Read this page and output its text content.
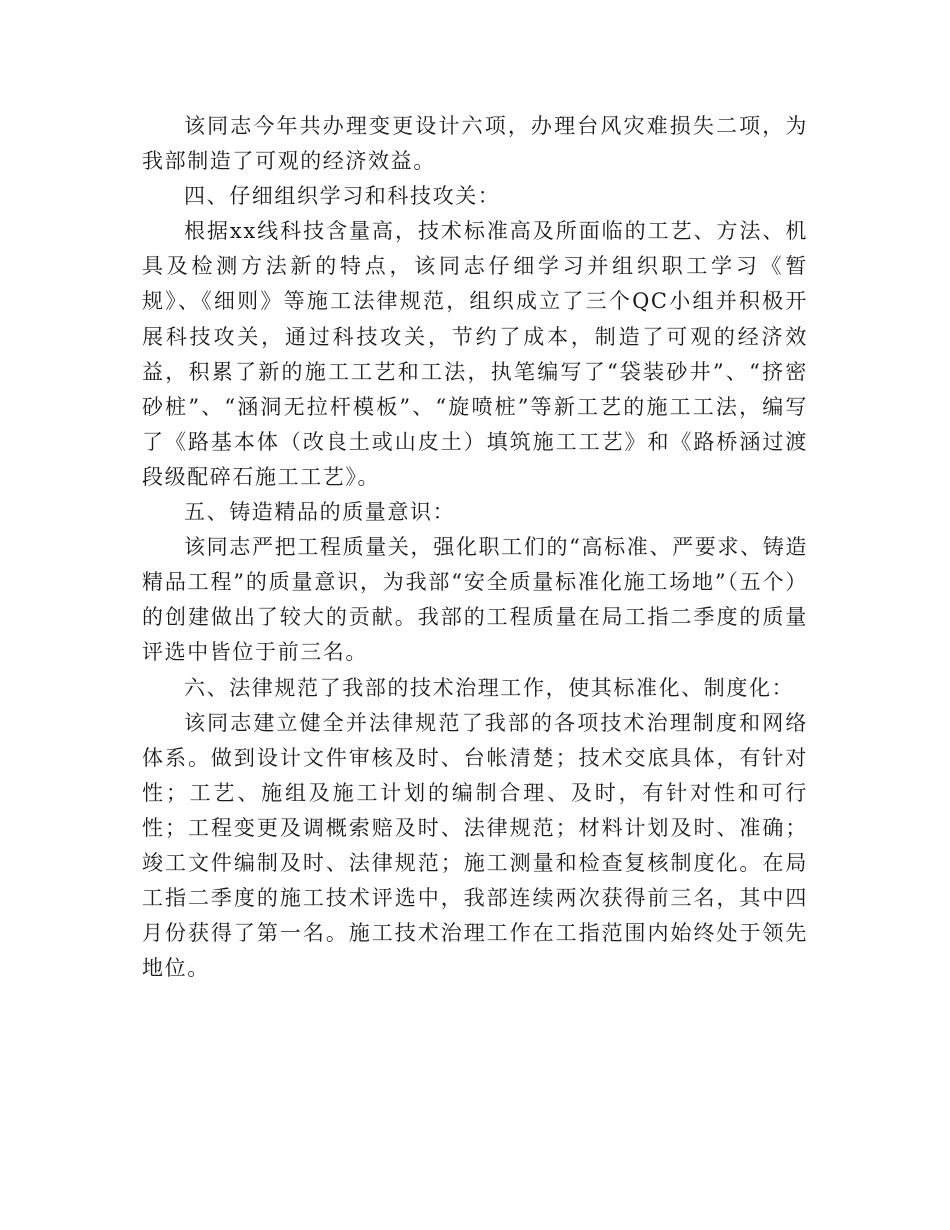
该同志今年共办理变更设计六项，办理台风灾难损失二项，为我部制造了可观的经济效益。

四、仔细组织学习和科技攻关：

根据xx线科技含量高，技术标准高及所面临的工艺、方法、机具及检测方法新的特点，该同志仔细学习并组织职工学习《暂规》、《细则》等施工法律规范，组织成立了三个QC小组并积极开展科技攻关，通过科技攻关，节约了成本，制造了可观的经济效益，积累了新的施工工艺和工法，执笔编写了“袋装砂井”、“挤密砂桩”、“涵洞无拉杆模板”、“旋喷桩”等新工艺的施工工法，编写了《路基本体（改良土或山皮土）填筑施工工艺》和《路桥涵过渡段级配碎石施工工艺》。

五、铸造精品的质量意识：

该同志严把工程质量关，强化职工们的“高标准、严要求、铸造精品工程”的质量意识，为我部“安全质量标准化施工场地”（五个）的创建做出了较大的贡献。我部的工程质量在局工指二季度的质量评选中皆位于前三名。

六、法律规范了我部的技术治理工作，使其标准化、制度化：

该同志建立健全并法律规范了我部的各项技术治理制度和网络体系。做到设计文件审核及时、台帐清楚；技术交底具体，有针对性；工艺、施组及施工计划的编制合理、及时，有针对性和可行性；工程变更及调概索赔及时、法律规范；材料计划及时、准确；竣工文件编制及时、法律规范；施工测量和检查复核制度化。在局工指二季度的施工技术评选中，我部连续两次获得前三名，其中四月份获得了第一名。施工技术治理工作在工指范围内始终处于领先地位。
